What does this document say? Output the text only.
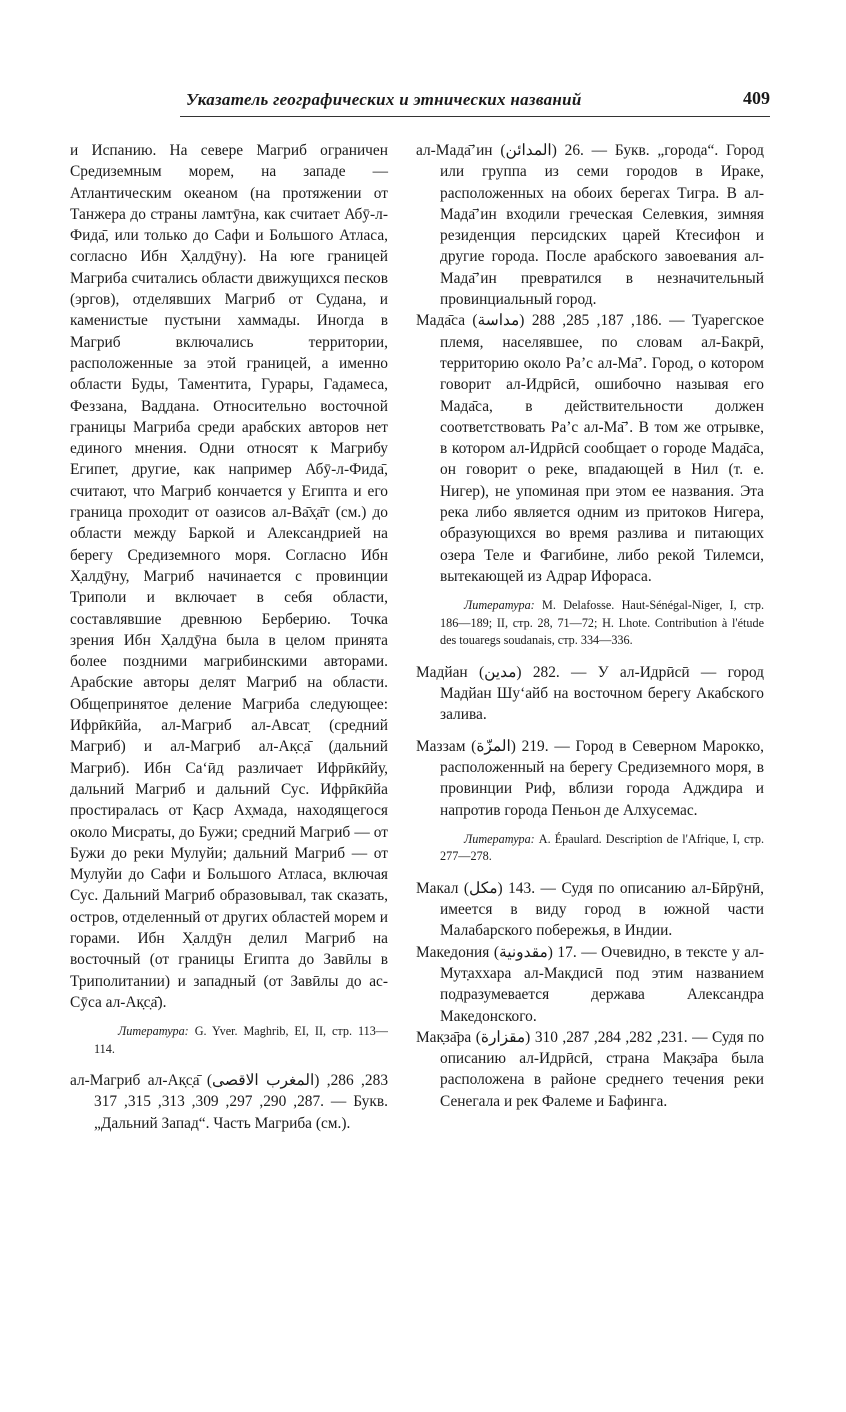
Указатель географических и этнических названий	409

и Испанию. На севере Магриб ограничен Средиземным морем, на западе — Атлантическим океаном (на протяжении от Танжера до страны ламтӯна, как считает Абӯ-л-Фида̄, или только до Сафи и Большого Атласа, согласно Ибн Х̣алдӯну). На юге границей Магриба считались области движущихся песков (эргов), отделявших Магриб от Судана, и каменистые пустыни хаммады. Иногда в Магриб включались территории, расположенные за этой границей, а именно области Буды, Таментита, Гурары, Гадамеса, Феззана, Ваддана. Относительно восточной границы Магриба среди арабских авторов нет единого мнения. Одни относят к Магрибу Египет, другие, как например Абӯ-л-Фида̄, считают, что Магриб кончается у Египта и его граница проходит от оазисов ал-Ва̄х̣а̄т (см.) до области между Баркой и Александрией на берегу Средиземного моря. Согласно Ибн Х̣алдӯну, Магриб начинается с провинции Триполи и включает в себя области, составлявшие древнюю Берберию. Точка зрения Ибн Х̣алдӯна была в целом принята более поздними магрибинскими авторами. Арабские авторы делят Магриб на области. Общепринятое деление Магриба следующее: Ифрӣкӣйа, ал-Магриб ал-Авсат̣ (средний Магриб) и ал-Магриб ал-Ак̣с̣а̄ (дальний Магриб). Ибн Са‘ӣд различает Ифрӣкӣйу, дальний Магриб и дальний Сус. Ифрӣкӣйа простиралась от К̣аср Ах̣мада, находящегося около Мисраты, до Бужи; средний Магриб — от Бужи до реки Мулуйи; дальний Магриб — от Мулуйи до Сафи и Большого Атласа, включая Сус. Дальний Магриб образовывал, так сказать, остров, отделенный от других областей морем и горами. Ибн Х̣алдӯн делил Магриб на восточный (от границы Египта до Завӣлы в Триполитании) и западный (от Завӣлы до ас-Сӯса ал-Ак̣с̣а̄).

Литература: G. Yver. Maghrib, EI, II, стр. 113—114.

ал-Магриб ал-Ак̣с̣а̄ (المغرب الاقصى) 283, 286, 287, 290, 297, 309, 313, 315, 317. — Букв. „Дальний Запад“. Часть Магриба (см.).

ал-Мада̄’ин (المدائن) 26. — Букв. „города“. Город или группа из семи городов в Ираке, расположенных на обоих берегах Тигра. В ал-Мада̄’ин входили греческая Селевкия, зимняя резиденция персидских царей Ктесифон и другие города. После арабского завоевания ал-Мада̄’ин превратился в незначительный провинциальный город.

Мада̄са (مداسة) 186, 187, 285, 288. — Туарегское племя, населявшее, по словам ал-Бакрӣ, территорию около Ра’с ал-Ма̄’. Город, о котором говорит ал-Идрӣсӣ, ошибочно называя его Мада̄са, в действительности должен соответствовать Ра’с ал-Ма̄’. В том же отрывке, в котором ал-Идрӣсӣ сообщает о городе Мада̄са, он говорит о реке, впадающей в Нил (т. е. Нигер), не упоминая при этом ее названия. Эта река либо является одним из притоков Нигера, образующихся во время разлива и питающих озера Теле и Фагибине, либо рекой Тилемси, вытекающей из Адрар Ифораса.

Литература: M. Delafosse. Haut-Sénégal-Niger, I, стр. 186—189; II, стр. 28, 71—72; H. Lhote. Contribution à l'étude des touaregs soudanais, стр. 334—336.

Мадйан (مدين) 282. — У ал-Идрӣсӣ — город Мадйан Шу‘айб на восточном берегу Акабского залива.

Маззам (المزّة) 219. — Город в Северном Марокко, расположенный на берегу Средиземного моря, в провинции Риф, вблизи города Адждира и напротив города Пеньон де Алхусемас.

Литература: A. Épaulard. Description de l'Afrique, I, стр. 277—278.

Макал (مكل) 143. — Судя по описанию ал-Бӣрӯнӣ, имеется в виду город в южной части Малабарского побережья, в Индии.

Македония (مقدونية) 17. — Очевидно, в тексте у ал-Мут̣аххара ал-Мак̣дисӣ под этим названием подразумевается держава Александра Македонского.

Мак̣за̄ра (مقزارة) 231, 282, 284, 287, 310. — Судя по описанию ал-Идрӣсӣ, страна Мак̣за̄ра была расположена в районе среднего течения реки Сенегала и рек Фалеме и Бафинга.
